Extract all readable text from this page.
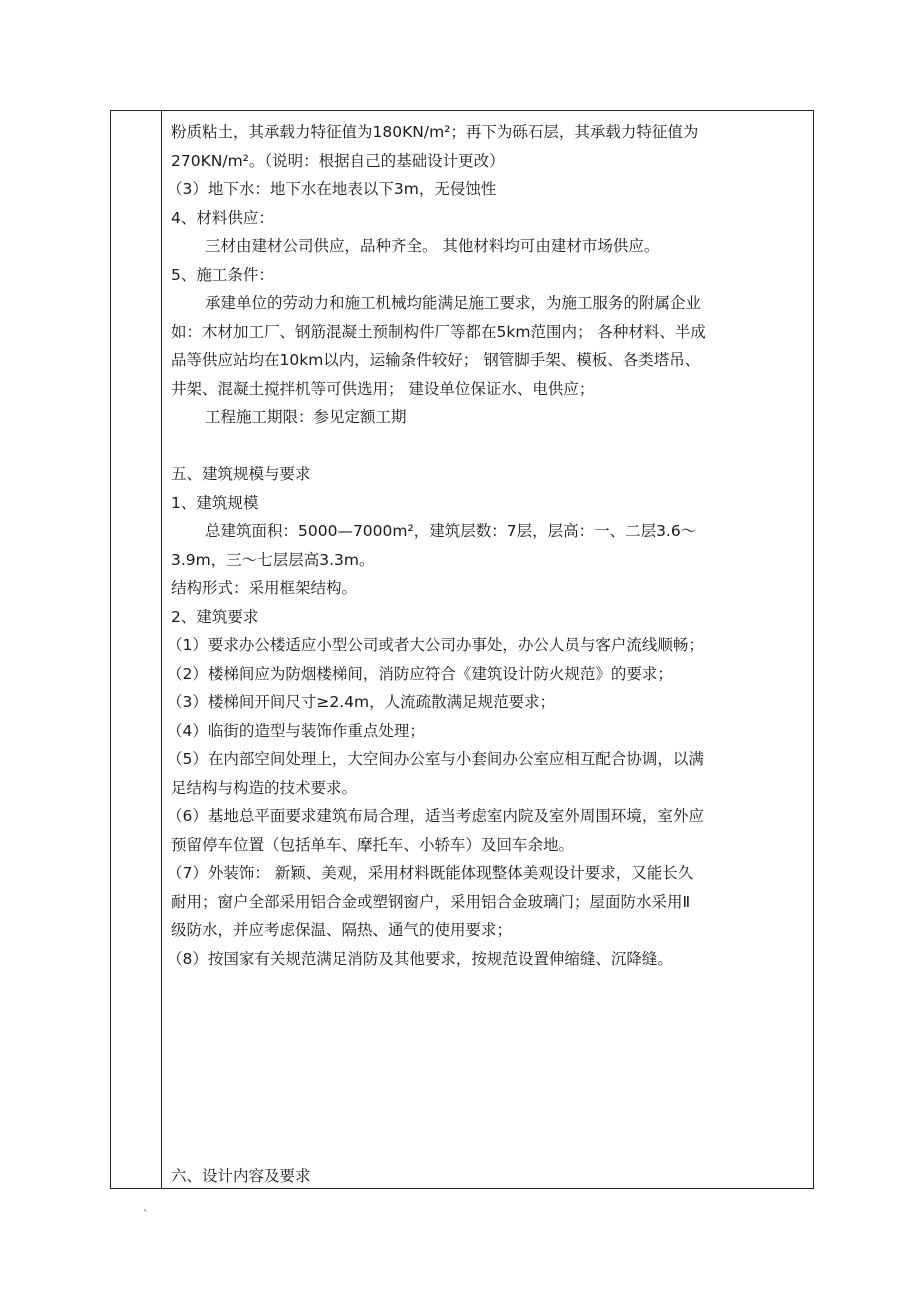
粉质粘土，其承载力特征值为180KN/m²；再下为砾石层，其承载力特征值为
270KN/m²。（说明：根据自己的基础设计更改）
（3）地下水：地下水在地表以下3m，无侵蚀性
4、材料供应：
三材由建材公司供应，品种齐全。 其他材料均可由建材市场供应。
5、施工条件：
承建单位的劳动力和施工机械均能满足施工要求，为施工服务的附属企业
如：木材加工厂、钢筋混凝土预制构件厂等都在5km范围内； 各种材料、半成
品等供应站均在10km以内，运输条件较好； 钢管脚手架、模板、各类塔吊、
井架、混凝土搅拌机等可供选用； 建设单位保证水、电供应；
工程施工期限：参见定额工期
五、建筑规模与要求
1、建筑规模
总建筑面积：5000—7000m²，建筑层数：7层，层高：一、二层3.6～
3.9m，三～七层层高3.3m。
结构形式：采用框架结构。
2、建筑要求
（1）要求办公楼适应小型公司或者大公司办事处，办公人员与客户流线顺畅；
（2）楼梯间应为防烟楼梯间，消防应符合《建筑设计防火规范》的要求；
（3）楼梯间开间尺寸≥2.4m，人流疏散满足规范要求；
（4）临街的造型与装饰作重点处理；
（5）在内部空间处理上，大空间办公室与小套间办公室应相互配合协调，以满
足结构与构造的技术要求。
（6）基地总平面要求建筑布局合理，适当考虑室内院及室外周围环境，室外应
预留停车位置（包括单车、摩托车、小轿车）及回车余地。
（7）外装饰： 新颖、美观，采用材料既能体现整体美观设计要求，又能长久
耐用；窗户全部采用铝合金或塑钢窗户，采用铝合金玻璃门；屋面防水采用Ⅱ
级防水，并应考虑保温、隔热、通气的使用要求；
（8）按国家有关规范满足消防及其他要求，按规范设置伸缩缝、沉降缝。
六、设计内容及要求
`
